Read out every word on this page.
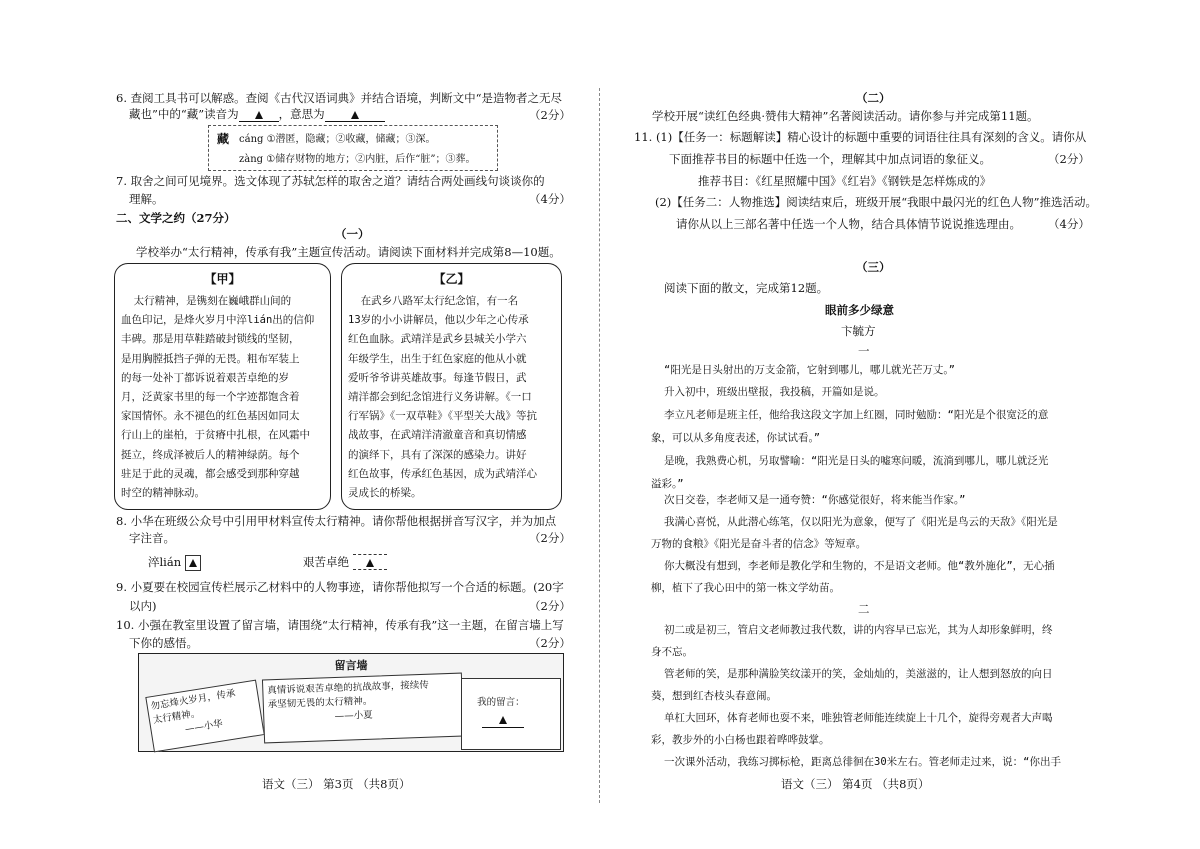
6. 查阅工具书可以解惑。查阅《古代汉语词典》并结合语境，判断文中“是造物者之无尽
藏也”中的“藏”读音为	，意思为	（2分）
藏 cáng ①潜匿，隐藏；②收藏，储藏；③深。
zàng ①储存财物的地方；②内脏，后作“脏”；③葬。
7. 取舍之间可见境界。选文体现了苏轼怎样的取舍之道？请结合两处画线句谈谈你的
理解。	（4分）
二、文学之约（27分）
（一）
学校举办“太行精神，传承有我”主题宣传活动。请阅读下面材料并完成第8—10题。
【甲】
太行精神，是镌刻在巍峨群山间的
血色印记，是烽火岁月中淬lián出的信仰
丰碑。那是用草鞋踏破封锁线的坚韧，
是用胸膛抵挡子弹的无畏。粗布军装上
的每一处补丁都诉说着艰苦卓绝的岁
月，泛黄家书里的每一个字迹都饱含着
家国情怀。永不褪色的红色基因如同太
行山上的崖柏，于贫瘠中扎根，在风霜中
挺立，终成泽被后人的精神绿荫。每个
驻足于此的灵魂，都会感受到那种穿越
时空的精神脉动。
【乙】
在武乡八路军太行纪念馆，有一名
13岁的小小讲解员，他以少年之心传承
红色血脉。武靖洋是武乡县城关小学六
年级学生，出生于红色家庭的他从小就
爱听爷爷讲英雄故事。每逢节假日，武
靖洋都会到纪念馆进行义务讲解。《一口
行军锅》《一双草鞋》《平型关大战》等抗
战故事，在武靖洋清澈童音和真切情感
的演绎下，具有了深深的感染力。讲好
红色故事，传承红色基因，成为武靖洋心
灵成长的桥梁。
8. 小华在班级公众号中引用甲材料宣传太行精神。请你帮他根据拼音写汉字，并为加点
字注音。	（2分）
淬lián	艰苦卓绝
9. 小夏要在校园宣传栏展示乙材料中的人物事迹，请你帮他拟写一个合适的标题。(20字
以内)	（2分）
10. 小强在教室里设置了留言墙，请围绕“太行精神，传承有我”这一主题，在留言墙上写
下你的感悟。	（2分）
留言墙
勿忘烽火岁月，传承
太行精神。
——小华
真情诉说艰苦卓绝的抗战故事，接续传
承坚韧无畏的太行精神。
——小夏

我的留言：

语文（三） 第3页 （共8页）
（二）
学校开展“读红色经典·赞伟大精神”名著阅读活动。请你参与并完成第11题。
11. (1)【任务一：标题解读】精心设计的标题中重要的词语往往具有深刻的含义。请你从
下面推荐书目的标题中任选一个，理解其中加点词语的象征义。	（2分）
推荐书目：《红星照耀中国》《红岩》《钢铁是怎样炼成的》
(2)【任务二：人物推选】阅读结束后，班级开展“我眼中最闪光的红色人物”推选活动。
请你从以上三部名著中任选一个人物，结合具体情节说说推选理由。 （4分）
（三）
阅读下面的散文，完成第12题。
眼前多少绿意
卞毓方
一
“阳光是日头射出的万支金箭，它射到哪儿，哪儿就光芒万丈。”
升入初中，班级出壁报，我投稿，开篇如是说。
李立凡老师是班主任，他给我这段文字加上红圈，同时勉励：“阳光是个很宽泛的意
象，可以从多角度表述，你试试看。”
是晚，我熟费心机，另取譬喻：“阳光是日头的嘘寒问暖，流淌到哪儿，哪儿就泛光
溢彩。”
次日交卷，李老师又是一通夸赞：“你感觉很好，将来能当作家。”
我满心喜悦，从此潜心练笔，仅以阳光为意象，便写了《阳光是鸟云的天敌》《阳光是
万物的食粮》《阳光是奋斗者的信念》等短章。
你大概没有想到，李老师是教化学和生物的，不是语文老师。他“教外施化”，无心插
柳，植下了我心田中的第一株文学幼苗。
二
初二或是初三，管启文老师教过我代数，讲的内容早已忘光，其为人却形象鲜明，终
身不忘。
管老师的笑，是那种满脸笑纹漾开的笑，金灿灿的，美滋滋的，让人想到怒放的向日
葵，想到红杏枝头春意闹。
单杠大回环，体育老师也耍不来，唯独管老师能连续旋上十几个，旋得旁观者大声喝
彩，教步外的小白杨也跟着哗哗鼓掌。
一次课外活动，我练习掷标枪，距离总徘徊在30米左右。管老师走过来，说：“你出手
语文（三） 第4页 （共8页）
